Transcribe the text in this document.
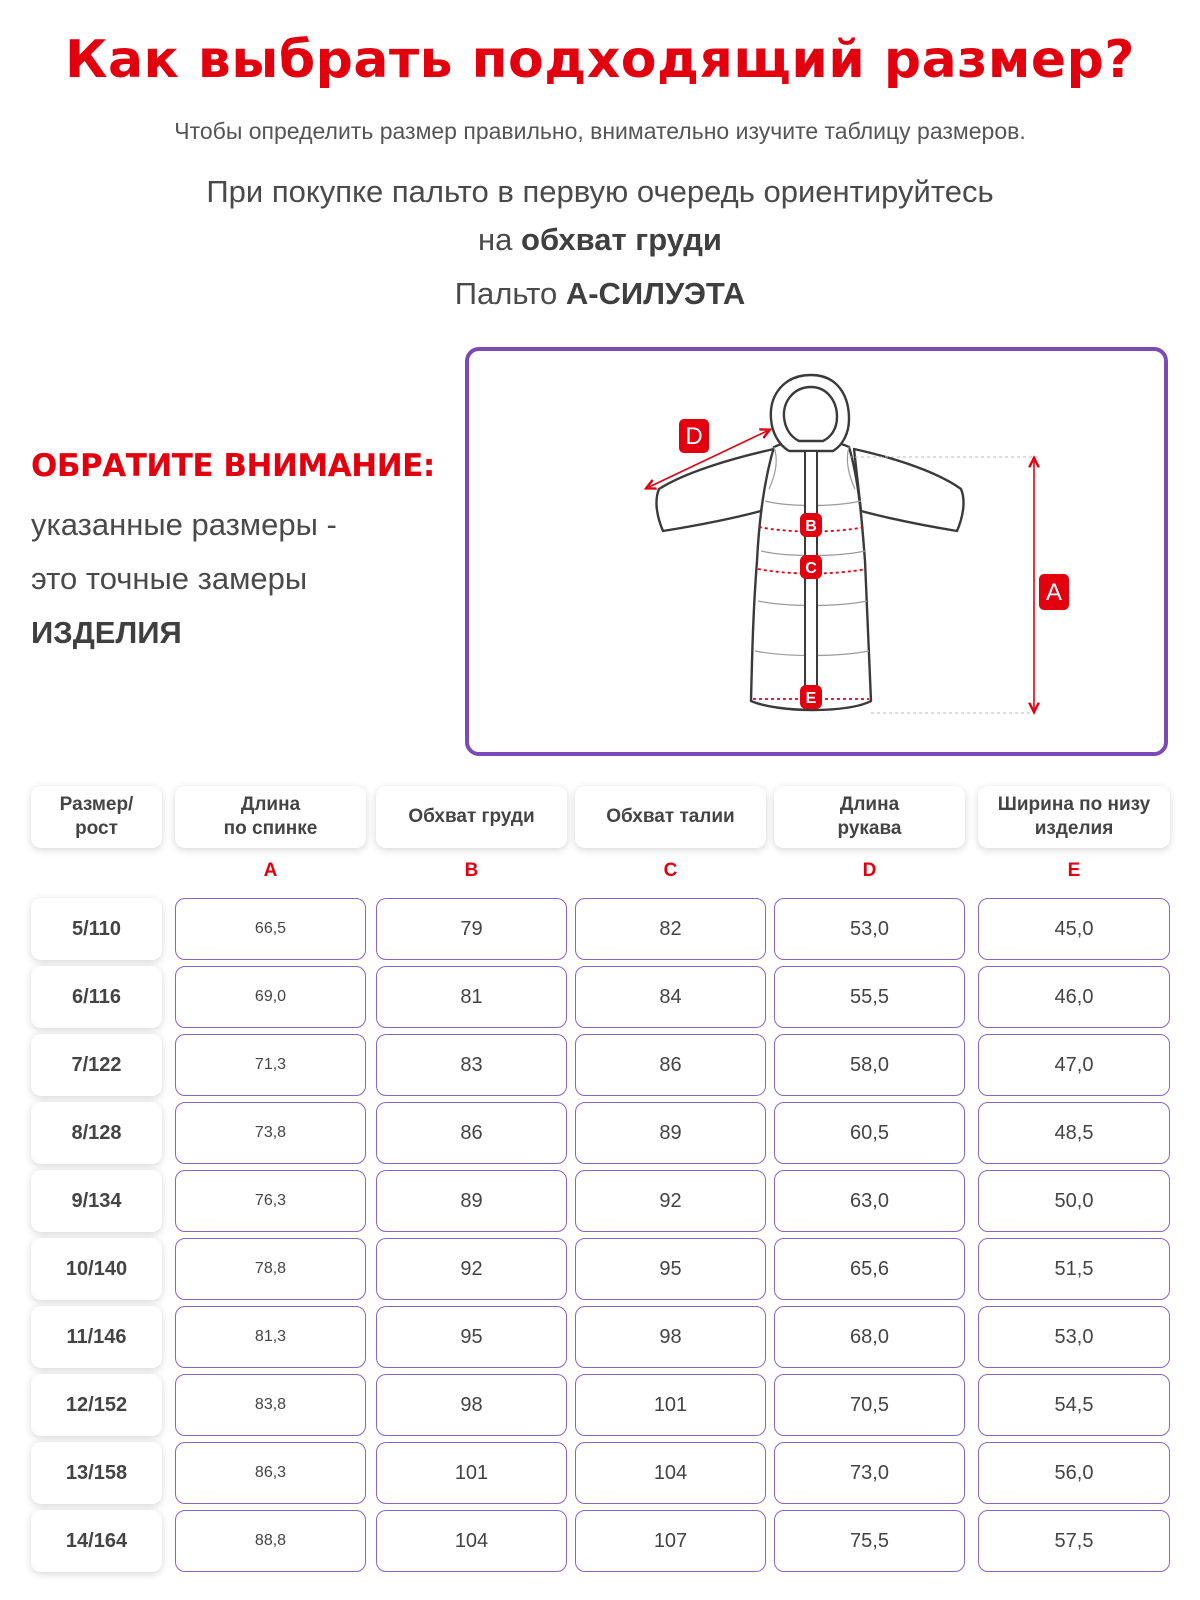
Как выбрать подходящий размер?
Чтобы определить размер правильно, внимательно изучите таблицу размеров.
При покупке пальто в первую очередь ориентируйтесь
на обхват груди
Пальто А-СИЛУЭТА
ОБРАТИТЕ ВНИМАНИЕ:
указанные размеры -
это точные замеры
ИЗДЕЛИЯ
A
B
C
D
E
Размер/
рост
Длина
по спинке
A
Обхват груди
B
Обхват талии
C
Длина
рукава
D
Ширина по низу
изделия
E
5/110	66,5	79	82	53,0	45,0
6/116	69,0	81	84	55,5	46,0
7/122	71,3	83	86	58,0	47,0
8/128	73,8	86	89	60,5	48,5
9/134	76,3	89	92	63,0	50,0
10/140	78,8	92	95	65,6	51,5
11/146	81,3	95	98	68,0	53,0
12/152	83,8	98	101	70,5	54,5
13/158	86,3	101	104	73,0	56,0
14/164	88,8	104	107	75,5	57,5
